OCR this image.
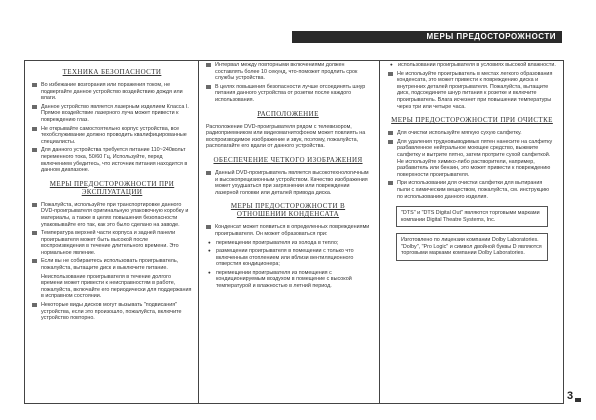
МЕРЫ ПРЕДОСТОРОЖНОСТИ
ТЕХНИКА БЕЗОПАСНОСТИ
Во избежание возгорания или поражения током, не подвергайте данное устройство воздействию дождя или влаги.
Данное устройство является лазерным изделием Класса I. Прямое воздействие лазерного луча может привести к повреждению глаз.
Не открывайте самостоятельно корпус устройства, все техобслуживание должно проводить квалифицированные специалисты.
Для данного устройства требуется питание 110~240вольт переменного тока, 50/60 Гц, Используйте, перед включением убедитесь, что источник питания находится в данном диапазоне.
МЕРЫ ПРЕДОСТОРОЖНОСТИ ПРИ ЭКСПЛУАТАЦИИ
Пожалуйста, используйте при транспортировке данного DVD-проигрывателя оригинальную упаковочную коробку и материалы, а также в целях повышения безопасности упаковывайте его так, как это было сделано на заводе.
Температура верхней части корпуса и задней панели проигрывателя может быть высокой после воспроизведения в течение длительного времени. Это нормальное явление.
Если вы не собираетесь использовать проигрыватель, пожалуйста, вытащите диск и выключите питание.
Неиспользование проигрывателя в течение долгого времени может привести к неисправностям в работе, пожалуйста, включайте его периодически для поддержания в исправном состоянии.
Некоторые виды дисков могут вызывать "подвисания" устройства, если это произошло, пожалуйста, включите устройство повторно.
Интервал между повторными включениями должен составлять более 10 секунд, что-поможет продлить срок службы устройства.
В целях повышения безопасности лучше отсоединять шнур питания данного устройства от розетки после каждого использования.
РАСПОЛОЖЕНИЕ
Расположение DVD-проигрывателя рядом с телевизором, радиоприемником или видеомагнитофоном может повлиять на воспроизводимое изображение и звук, поэтому, пожалуйста, располагайте его вдали от данного устройства.
ОБЕСПЕЧЕНИЕ ЧЕТКОГО ИЗОБРАЖЕНИЯ
Данный DVD-проигрыватель является высокотехнологичным и высокопрецизионным устройством. Качество изображения может ухудшаться при загрязнении или повреждении лазерной головки или деталей привода диска.
МЕРЫ ПРЕДОСТОРОЖНОСТИ В ОТНОШЕНИИ КОНДЕНСАТА
Конденсат может появиться в определенных повреждениями проигрывателя. Он может образоваться при:
● перемещении проигрывателя из холода в тепло;
● размещении проигрывателя в помещении с только что включенным отоплением или вблизи вентиляционного отверстия кондиционера;
● перемещении проигрывателя из помещения с кондиционируемым воздухом в помещение с высокой температурой и влажностью в летний период.
● использовании проигрывателя в условиях высокой влажности.
Не используйте проигрыватель в местах легкого образования конденсата, это может привести к повреждению диска и внутренних деталей проигрывателя. Пожалуйста, вытащите диск, подсоедините шнур питания к розетке и включите проигрыватель. Влага исчезнет при повышении температуры через три или четыре часа.
МЕРЫ ПРЕДОСТОРОЖНОСТИ ПРИ ОЧИСТКЕ
Для очистки используйте мягкую сухую салфетку.
Для удаления трудновыводимых пятен нанесите на салфетку разбавленное нейтральное моющее средство, выжмите салфетку и вытрите пятно, затем протрите сухой салфеткой. Не используйте химико-либо растворители, например, разбавитель или бензин, это может привести к повреждению поверхности проигрывателя.
При использовании для очистки салфетки для вытирания пыли с химическим веществом, пожалуйста, см. инструкцию по использованию данного изделия.
"DTS" и "DTS Digital Out" являются торговыми марками компании Digital Theatre Systems, Inc.
Изготовлено по лицензии компании Dolby Laboratories. "Dolby", "Pro Logic" и символ двойной буквы D являются торговыми марками компании Dolby Laboratories.
3
